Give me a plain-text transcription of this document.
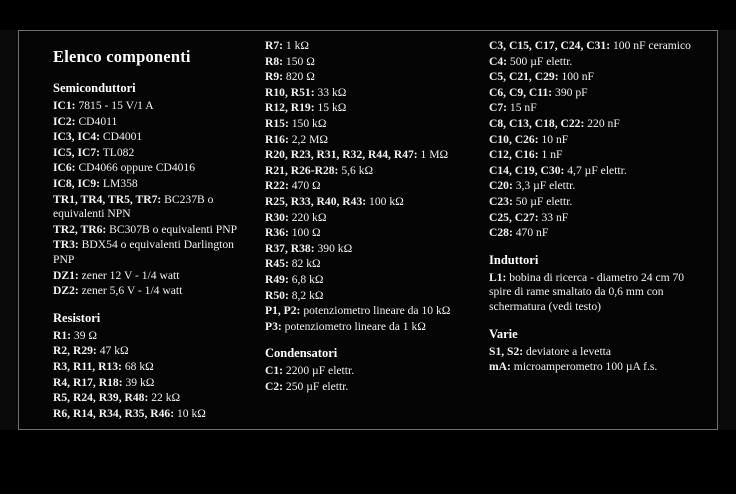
Elenco componenti
Semiconduttori
IC1: 7815 - 15 V/1 A
IC2: CD4011
IC3, IC4: CD4001
IC5, IC7: TL082
IC6: CD4066 oppure CD4016
IC8, IC9: LM358
TR1, TR4, TR5, TR7: BC237B o equivalenti NPN
TR2, TR6: BC307B o equivalenti PNP
TR3: BDX54 o equivalenti Darlington PNP
DZ1: zener 12 V - 1/4 watt
DZ2: zener 5,6 V - 1/4 watt
Resistori
R1: 39 Ω
R2, R29: 47 kΩ
R3, R11, R13: 68 kΩ
R4, R17, R18: 39 kΩ
R5, R24, R39, R48: 22 kΩ
R6, R14, R34, R35, R46: 10 kΩ
R7: 1 kΩ
R8: 150 Ω
R9: 820 Ω
R10, R51: 33 kΩ
R12, R19: 15 kΩ
R15: 150 kΩ
R16: 2,2 MΩ
R20, R23, R31, R32, R44, R47: 1 MΩ
R21, R26-R28: 5,6 kΩ
R22: 470 Ω
R25, R33, R40, R43: 100 kΩ
R30: 220 kΩ
R36: 100 Ω
R37, R38: 390 kΩ
R45: 82 kΩ
R49: 6,8 kΩ
R50: 8,2 kΩ
P1, P2: potenziometro lineare da 10 kΩ
P3: potenziometro lineare da 1 kΩ
Condensatori
C1: 2200 µF elettr.
C2: 250 µF elettr.
C3, C15, C17, C24, C31: 100 nF ceramico
C4: 500 µF elettr.
C5, C21, C29: 100 nF
C6, C9, C11: 390 pF
C7: 15 nF
C8, C13, C18, C22: 220 nF
C10, C26: 10 nF
C12, C16: 1 nF
C14, C19, C30: 4,7 µF elettr.
C20: 3,3 µF elettr.
C23: 50 µF elettr.
C25, C27: 33 nF
C28: 470 nF
Induttori
L1: bobina di ricerca - diametro 24 cm 70 spire di rame smaltato da 0,6 mm con schermatura (vedi testo)
Varie
S1, S2: deviatore a levetta
mA: microamperometro 100 µA f.s.
